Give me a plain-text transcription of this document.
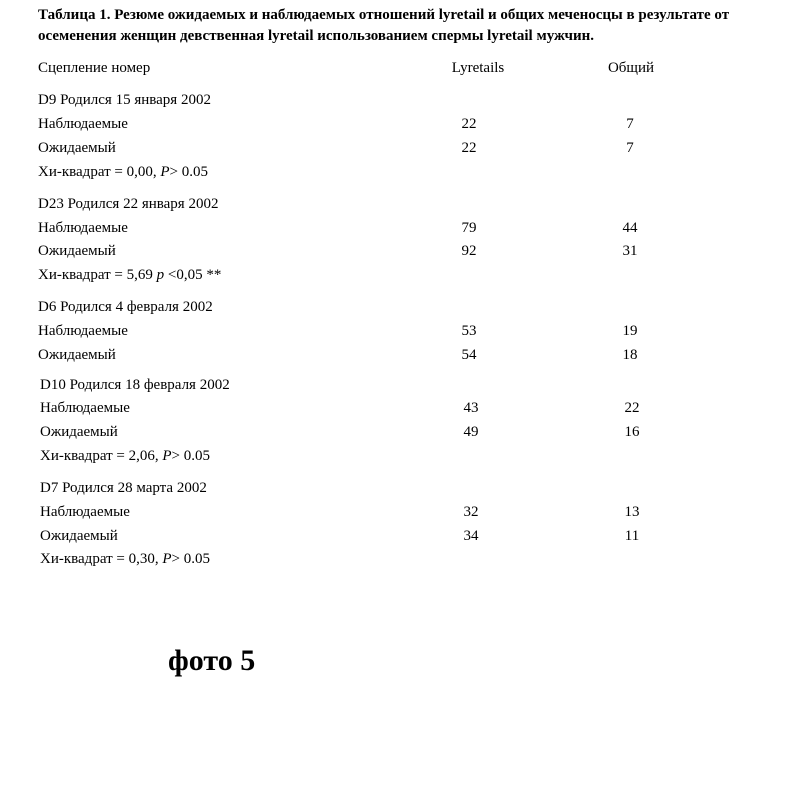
Таблица 1. Резюме ожидаемых и наблюдаемых отношений lyretail и общих меченосцы в результате от осеменения женщин девственная lyretail использованием спермы lyretail мужчин.
Сцепление номер	Lyretails	Общий
D9 Родился 15 января 2002
Наблюдаемые	22	7
Ожидаемый	22	7
Хи-квадрат = 0,00, P> 0.05
D23 Родился 22 января 2002
Наблюдаемые	79	44
Ожидаемый	92	31
Хи-квадрат = 5,69 p <0,05 **
D6 Родился 4 февраля 2002
Наблюдаемые	53	19
Ожидаемый	54	18
D10 Родился 18 февраля 2002
Наблюдаемые	43	22
Ожидаемый	49	16
Хи-квадрат = 2,06, P> 0.05
D7 Родился 28 марта 2002
Наблюдаемые	32	13
Ожидаемый	34	11
Хи-квадрат = 0,30, P> 0.05
фото 5
